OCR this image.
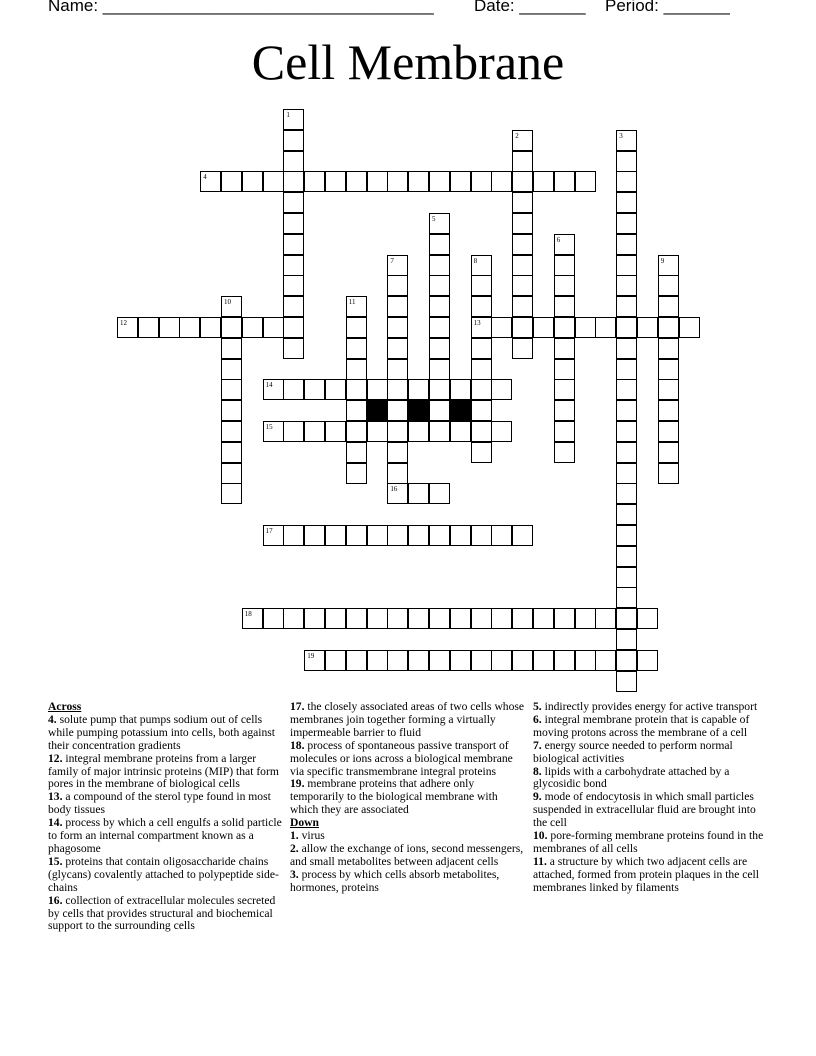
Name: ___________________________________ Date: _______ Period: _______
Cell Membrane
1
2	3
4
5
6
7
16
8
13
9
10	11
12
14
15
17
18
19
Across
4. solute pump that pumps sodium out of cells while pumping potassium into cells, both against their concentration gradients
12. integral membrane proteins from a larger family of major intrinsic proteins (MIP) that form pores in the membrane of biological cells
13. a compound of the sterol type found in most body tissues
14. process by which a cell engulfs a solid particle to form an internal compartment known as a phagosome
15. proteins that contain oligosaccharide chains (glycans) covalently attached to polypeptide side-chains
16. collection of extracellular molecules secreted by cells that provides structural and biochemical support to the surrounding cells
17. the closely associated areas of two cells whose membranes join together forming a virtually impermeable barrier to fluid
18. process of spontaneous passive transport of molecules or ions across a biological membrane via specific transmembrane integral proteins
19. membrane proteins that adhere only temporarily to the biological membrane with which they are associated
Down
1. virus
2. allow the exchange of ions, second messengers, and small metabolites between adjacent cells
3. process by which cells absorb metabolites, hormones, proteins
5. indirectly provides energy for active transport
6. integral membrane protein that is capable of moving protons across the membrane of a cell
7. energy source needed to perform normal biological activities
8. lipids with a carbohydrate attached by a glycosidic bond
9. mode of endocytosis in which small particles suspended in extracellular fluid are brought into the cell
10. pore-forming membrane proteins found in the membranes of all cells
11. a structure by which two adjacent cells are attached, formed from protein plaques in the cell membranes linked by filaments
